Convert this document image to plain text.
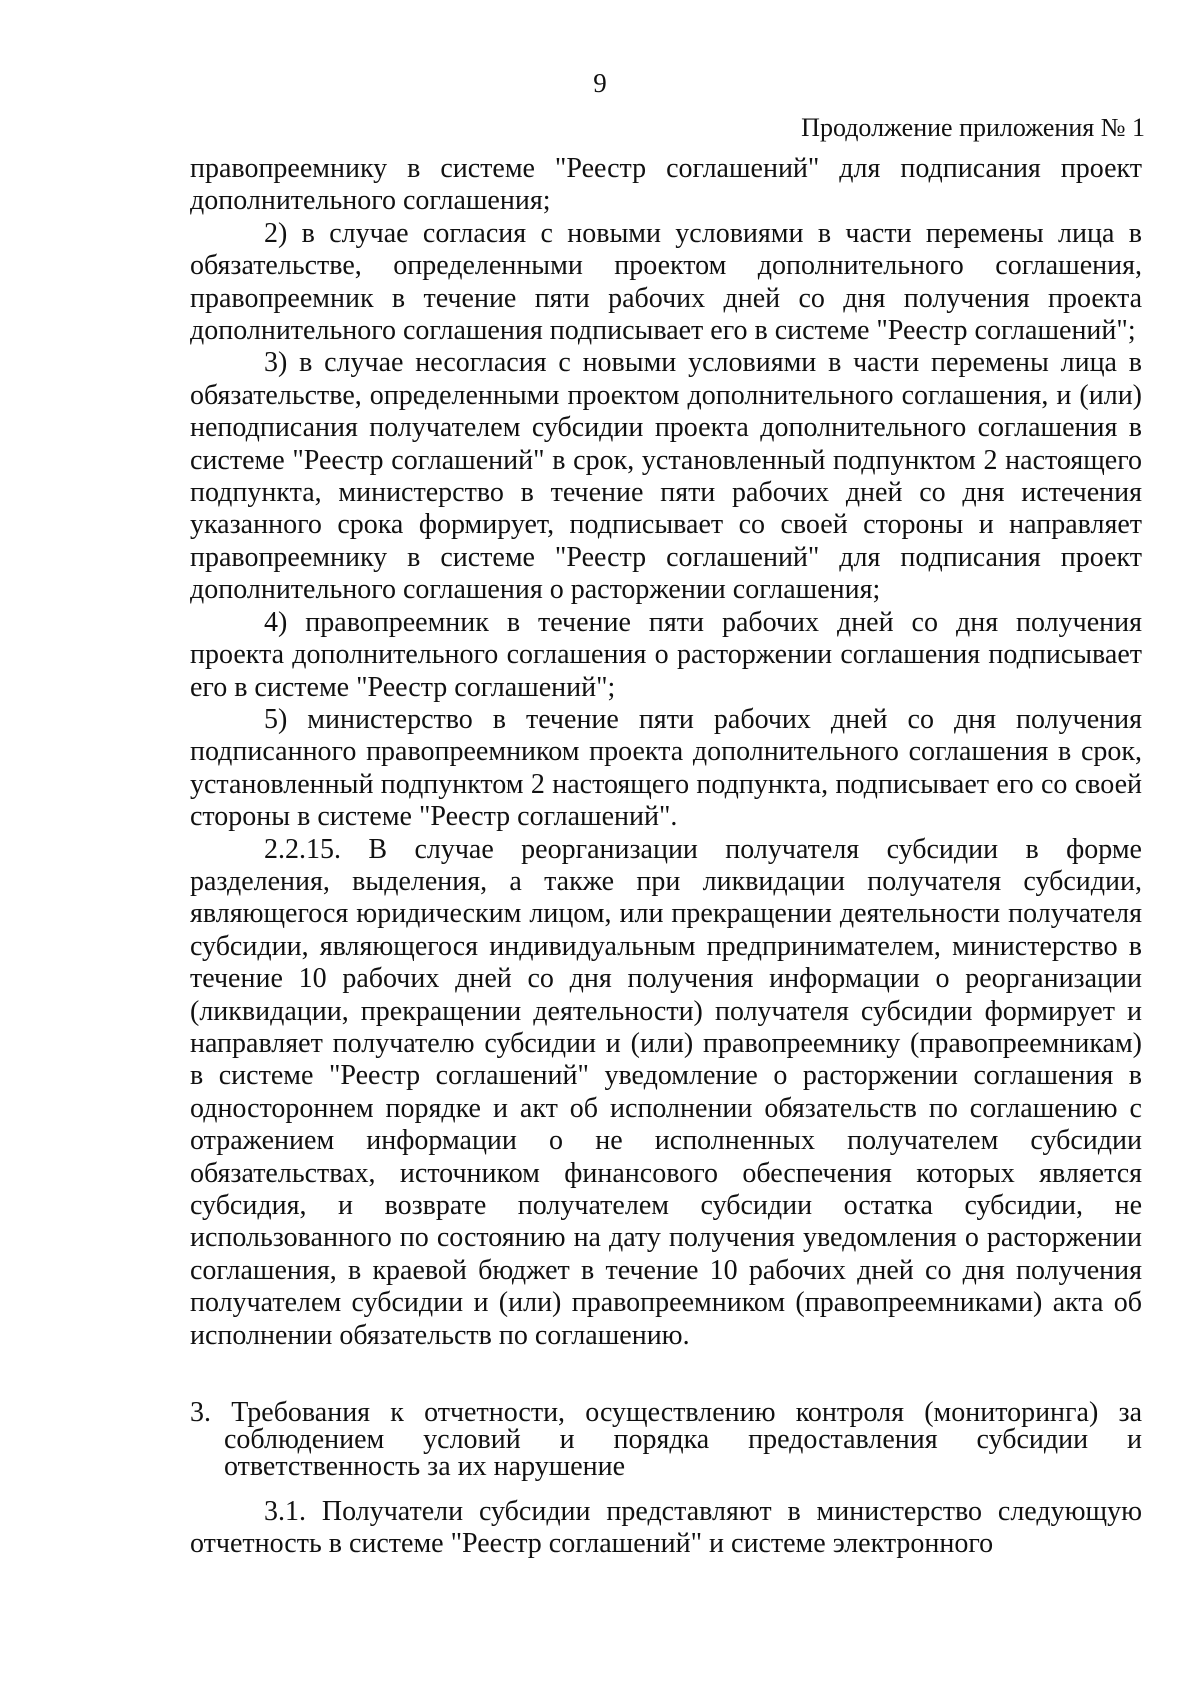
9
Продолжение приложения № 1

правопреемнику в системе "Реестр соглашений" для подписания проект дополнительного соглашения;

2) в случае согласия с новыми условиями в части перемены лица в обязательстве, определенными проектом дополнительного соглашения, правопреемник в течение пяти рабочих дней со дня получения проекта дополнительного соглашения подписывает его в системе "Реестр соглашений";

3) в случае несогласия с новыми условиями в части перемены лица в обязательстве, определенными проектом дополнительного соглашения, и (или) неподписания получателем субсидии проекта дополнительного соглашения в системе "Реестр соглашений" в срок, установленный подпунктом 2 настоящего подпункта, министерство в течение пяти рабочих дней со дня истечения указанного срока формирует, подписывает со своей стороны и направляет правопреемнику в системе "Реестр соглашений" для подписания проект дополнительного соглашения о расторжении соглашения;

4) правопреемник в течение пяти рабочих дней со дня получения проекта дополнительного соглашения о расторжении соглашения подписывает его в системе "Реестр соглашений";

5) министерство в течение пяти рабочих дней со дня получения подписанного правопреемником проекта дополнительного соглашения в срок, установленный подпунктом 2 настоящего подпункта, подписывает его со своей стороны в системе "Реестр соглашений".

2.2.15. В случае реорганизации получателя субсидии в форме разделения, выделения, а также при ликвидации получателя субсидии, являющегося юридическим лицом, или прекращении деятельности получателя субсидии, являющегося индивидуальным предпринимателем, министерство в течение 10 рабочих дней со дня получения информации о реорганизации (ликвидации, прекращении деятельности) получателя субсидии формирует и направляет получателю субсидии и (или) правопреемнику (правопреемникам) в системе "Реестр соглашений" уведомление о расторжении соглашения в одностороннем порядке и акт об исполнении обязательств по соглашению с отражением информации о не исполненных получателем субсидии обязательствах, источником финансового обеспечения которых является субсидия, и возврате получателем субсидии остатка субсидии, не использованного по состоянию на дату получения уведомления о расторжении соглашения, в краевой бюджет в течение 10 рабочих дней со дня получения получателем субсидии и (или) правопреемником (правопреемниками) акта об исполнении обязательств по соглашению.

3. Требования к отчетности, осуществлению контроля (мониторинга) за соблюдением условий и порядка предоставления субсидии и ответственность за их нарушение

3.1. Получатели субсидии представляют в министерство следующую отчетность в системе "Реестр соглашений" и системе электронного
